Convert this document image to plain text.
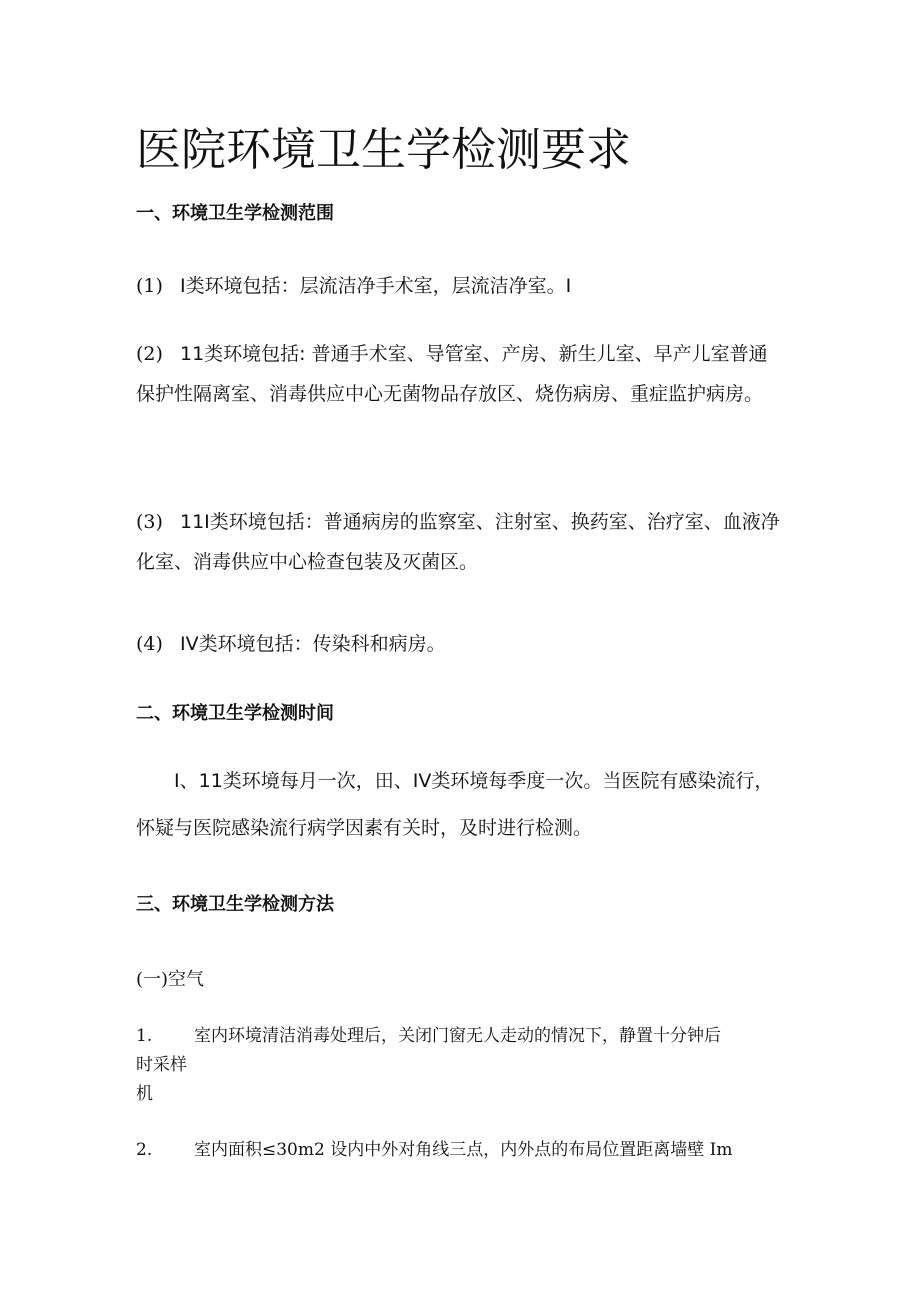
医院环境卫生学检测要求
一、环境卫生学检测范围
(1) I类环境包括：层流洁净手术室，层流洁净室。I
(2) 11类环境包括: 普通手术室、导管室、产房、新生儿室、早产儿室普通保护性隔离室、消毒供应中心无菌物品存放区、烧伤病房、重症监护病房。
(3) 11I类环境包括：普通病房的监察室、注射室、换药室、治疗室、血液净化室、消毒供应中心检查包装及灭菌区。
(4) IV类环境包括：传染科和病房。
二、环境卫生学检测时间
I、11类环境每月一次，田、IV类环境每季度一次。当医院有感染流行，怀疑与医院感染流行病学因素有关时，及时进行检测。
三、环境卫生学检测方法
(一)空气
1. 室内环境清洁消毒处理后，关闭门窗无人走动的情况下，静置十分钟后
时采样
机
2. 室内面积≤30m2 设内中外对角线三点，内外点的布局位置距离墙壁 Im
